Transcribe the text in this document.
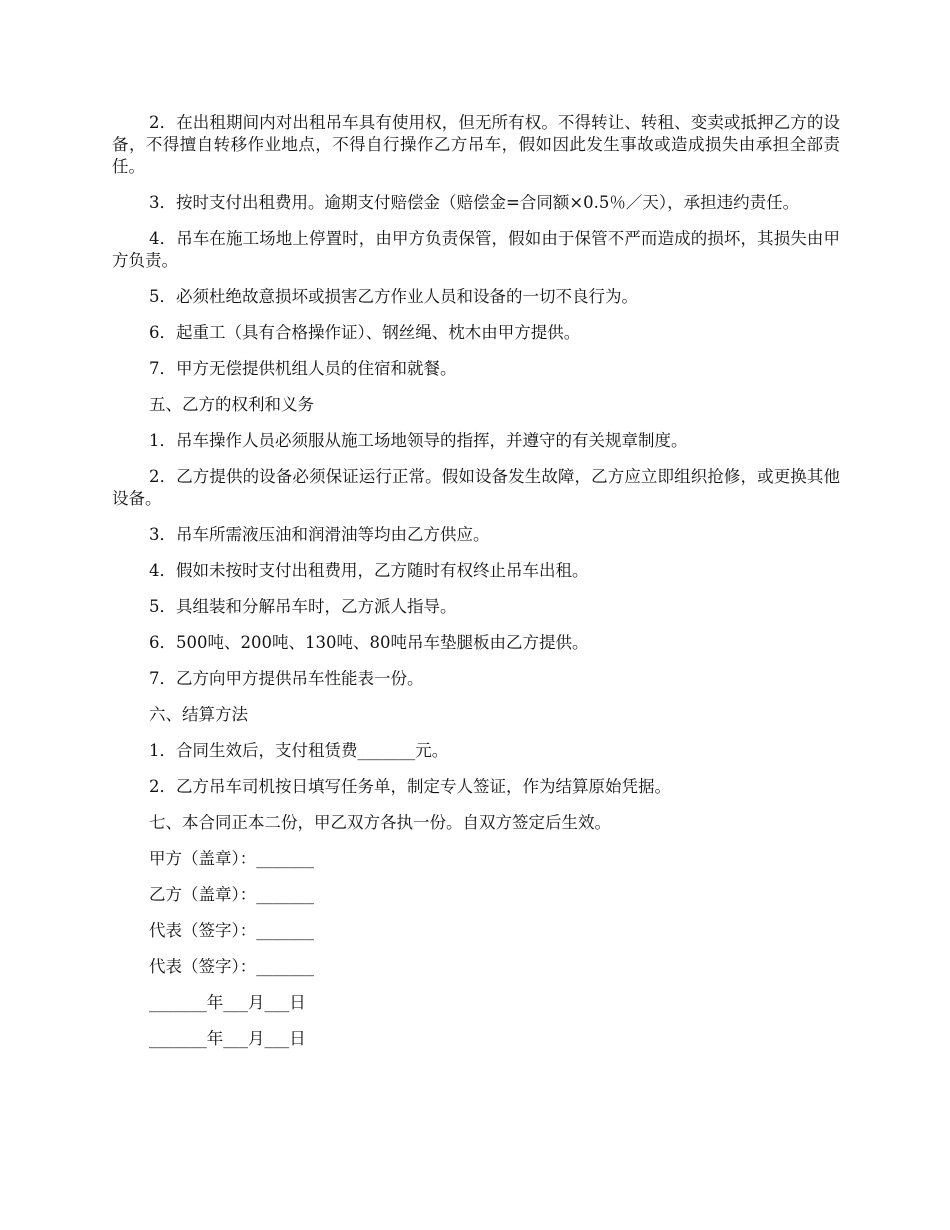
2．在出租期间内对出租吊车具有使用权，但无所有权。不得转让、转租、变卖或抵押乙方的设备，不得擅自转移作业地点，不得自行操作乙方吊车，假如因此发生事故或造成损失由承担全部责任。

3．按时支付出租费用。逾期支付赔偿金（赔偿金=合同额×0.5％／天），承担违约责任。

4．吊车在施工场地上停置时，由甲方负责保管，假如由于保管不严而造成的损坏，其损失由甲方负责。

5．必须杜绝故意损坏或损害乙方作业人员和设备的一切不良行为。

6．起重工（具有合格操作证）、钢丝绳、枕木由甲方提供。

7．甲方无偿提供机组人员的住宿和就餐。

五、乙方的权利和义务

1．吊车操作人员必须服从施工场地领导的指挥，并遵守的有关规章制度。

2．乙方提供的设备必须保证运行正常。假如设备发生故障，乙方应立即组织抢修，或更换其他设备。

3．吊车所需液压油和润滑油等均由乙方供应。

4．假如未按时支付出租费用，乙方随时有权终止吊车出租。

5．具组装和分解吊车时，乙方派人指导。

6．500吨、200吨、130吨、80吨吊车垫腿板由乙方提供。

7．乙方向甲方提供吊车性能表一份。

六、结算方法

1．合同生效后，支付租赁费_______元。

2．乙方吊车司机按日填写任务单，制定专人签证，作为结算原始凭据。

七、本合同正本二份，甲乙双方各执一份。自双方签定后生效。

甲方（盖章）：_______

乙方（盖章）：_______

代表（签字）：_______

代表（签字）：_______

_______年___月___日

_______年___月___日
